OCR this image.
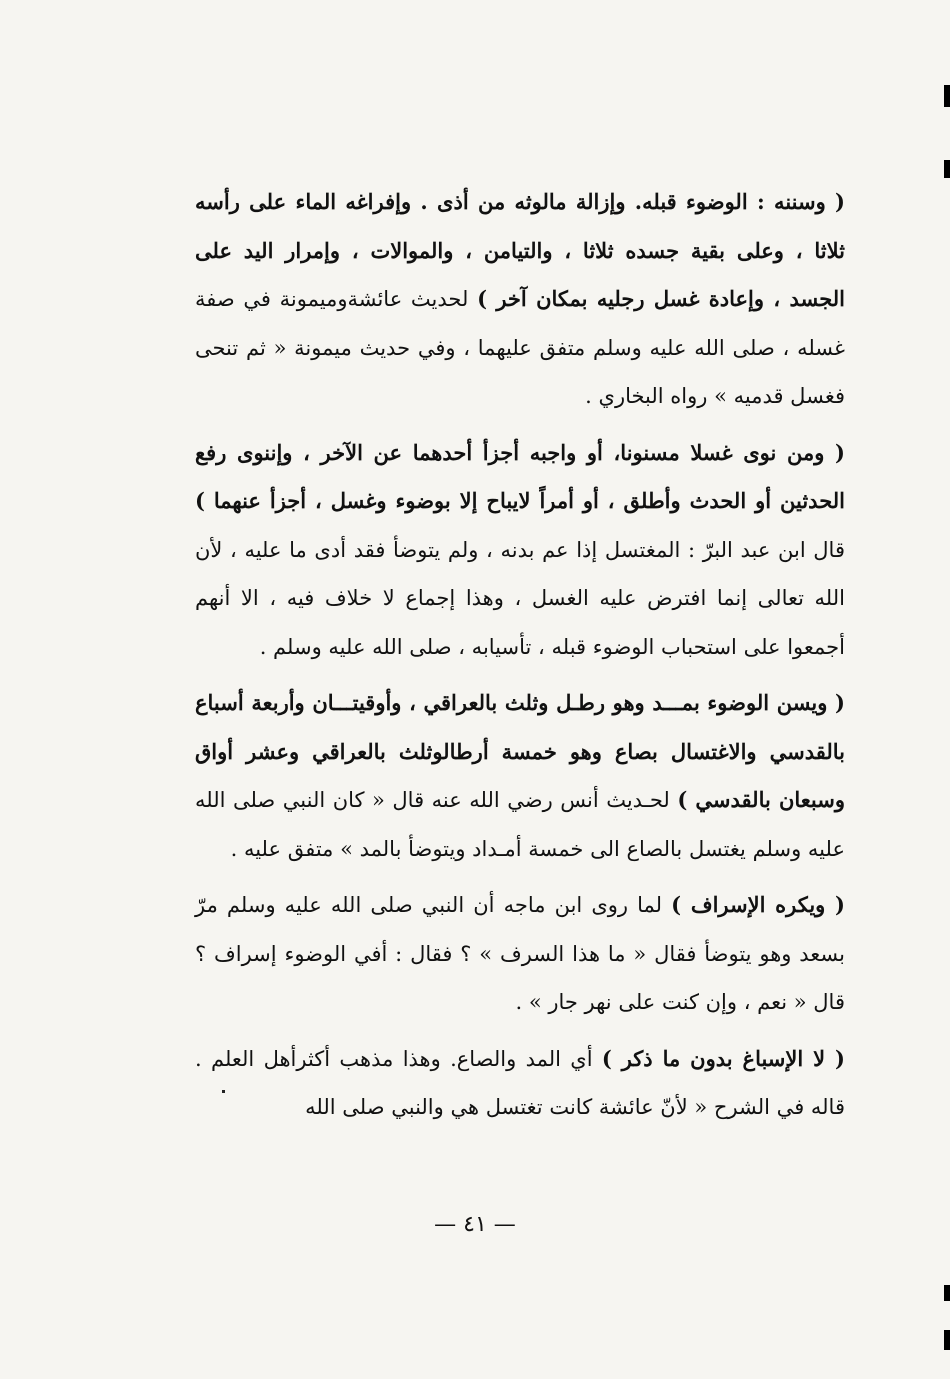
( وسننه : الوضوء قبله. وإزالة مالوثه من أذى . وإفراغه الماء على رأسه ثلاثا ، وعلى بقية جسده ثلاثا ، والتيامن ، والموالات ، وإمرار اليد على الجسد ، وإعادة غسل رجليه بمكان آخر ) لحديث عائشةوميمونة في صفة غسله ، صلى الله عليه وسلم متفق عليهما ، وفي حديث ميمونة « ثم تنحى فغسل قدميه » رواه البخاري .

( ومن نوى غسلا مسنونا، أو واجبه أجزأ أحدهما عن الآخر ، وإننوى رفع الحدثين أو الحدث وأطلق ، أو أمراً لايباح إلا بوضوء وغسل ، أجزأ عنهما ) قال ابن عبد البرّ : المغتسل إذا عم بدنه ، ولم يتوضأ فقد أدى ما عليه ، لأن الله تعالى إنما افترض عليه الغسل ، وهذا إجماع لا خلاف فيه ، الا أنهم أجمعوا على استحباب الوضوء قبله ، تأسيابه ، صلى الله عليه وسلم .

( ويسن الوضوء بمـــد وهو رطـل وثلث بالعراقي ، وأوقيتـــان وأربعة أسباع بالقدسي والاغتسال بصاع وهو خمسة أرطالوثلث بالعراقي وعشر أواق وسبعان بالقدسي ) لحـديث أنس رضي الله عنه قال « كان النبي صلى الله عليه وسلم يغتسل بالصاع الى خمسة أمـداد ويتوضأ بالمد » متفق عليه .

( ويكره الإسراف ) لما روى ابن ماجه أن النبي صلى الله عليه وسلم مرّ بسعد وهو يتوضأ فقال « ما هذا السرف » ؟ فقال : أفي الوضوء إسراف ؟ قال « نعم ، وإن كنت على نهر جار » .

( لا الإسباغ بدون ما ذكر ) أي المد والصاع. وهذا مذهب أكثرأهل العلم . قاله في الشرح « لأنّ عائشة كانت تغتسل هي والنبي صلى الله

— ٤١ —
